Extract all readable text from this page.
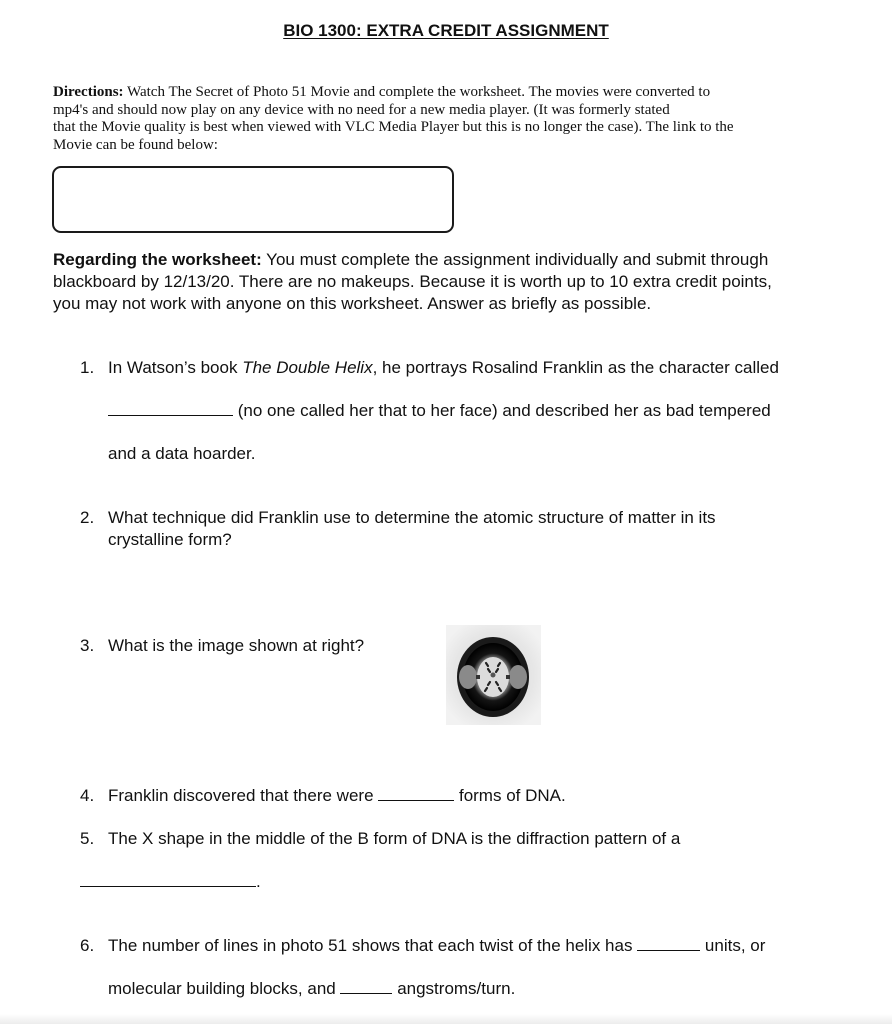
BIO 1300: EXTRA CREDIT ASSIGNMENT
Directions: Watch The Secret of Photo 51 Movie and complete the worksheet. The movies were converted to
mp4's and should now play on any device with no need for a new media player. (It was formerly stated
that the Movie quality is best when viewed with VLC Media Player but this is no longer the case). The link to the
Movie can be found below:
Regarding the worksheet: You must complete the assignment individually and submit through
blackboard by 12/13/20. There are no makeups. Because it is worth up to 10 extra credit points,
you may not work with anyone on this worksheet. Answer as briefly as possible.
1. In Watson’s book The Double Helix, he portrays Rosalind Franklin as the character called
(no one called her that to her face) and described her as bad tempered
and a data hoarder.
2. What technique did Franklin use to determine the atomic structure of matter in its
crystalline form?
3. What is the image shown at right?
4. Franklin discovered that there were	forms of DNA.
5. The X shape in the middle of the B form of DNA is the diffraction pattern of a
.
6. The number of lines in photo 51 shows that each twist of the helix has	units, or
molecular building blocks, and	angstroms/turn.
